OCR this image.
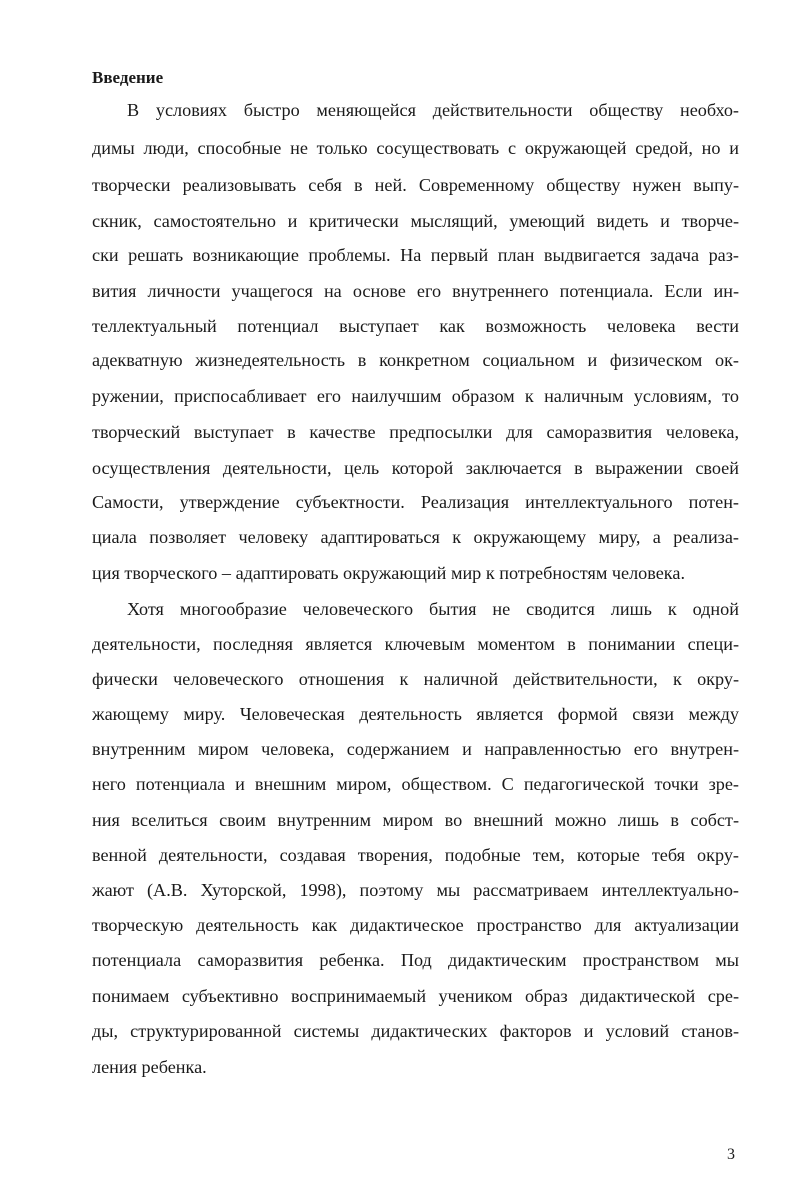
Введение
В условиях быстро меняющейся действительности обществу необхо-
димы люди, способные не только сосуществовать с окружающей средой, но и
творчески реализовывать себя в ней. Современному обществу нужен выпу-
скник, самостоятельно и критически мыслящий, умеющий видеть и творче-
ски решать возникающие проблемы. На первый план выдвигается задача раз-
вития личности учащегося на основе его внутреннего потенциала. Если ин-
теллектуальный потенциал выступает как возможность человека вести
адекватную жизнедеятельность в конкретном социальном и физическом ок-
ружении, приспосабливает его наилучшим образом к наличным условиям, то
творческий выступает в качестве предпосылки для саморазвития человека,
осуществления деятельности, цель которой заключается в выражении своей
Самости, утверждение субъектности. Реализация интеллектуального потен-
циала позволяет человеку адаптироваться к окружающему миру, а реализа-
ция творческого – адаптировать окружающий мир к потребностям человека.
Хотя многообразие человеческого бытия не сводится лишь к одной
деятельности, последняя является ключевым моментом в понимании специ-
фически человеческого отношения к наличной действительности, к окру-
жающему миру. Человеческая деятельность является формой связи между
внутренним миром человека, содержанием и направленностью его внутрен-
него потенциала и внешним миром, обществом. С педагогической точки зре-
ния вселиться своим внутренним миром во внешний можно лишь в собст-
венной деятельности, создавая творения, подобные тем, которые тебя окру-
жают (А.В. Хуторской, 1998), поэтому мы рассматриваем интеллектуально-
творческую деятельность как дидактическое пространство для актуализации
потенциала саморазвития ребенка. Под дидактическим пространством мы
понимаем субъективно воспринимаемый учеником образ дидактической сре-
ды, структурированной системы дидактических факторов и условий станов-
ления ребенка.
3
